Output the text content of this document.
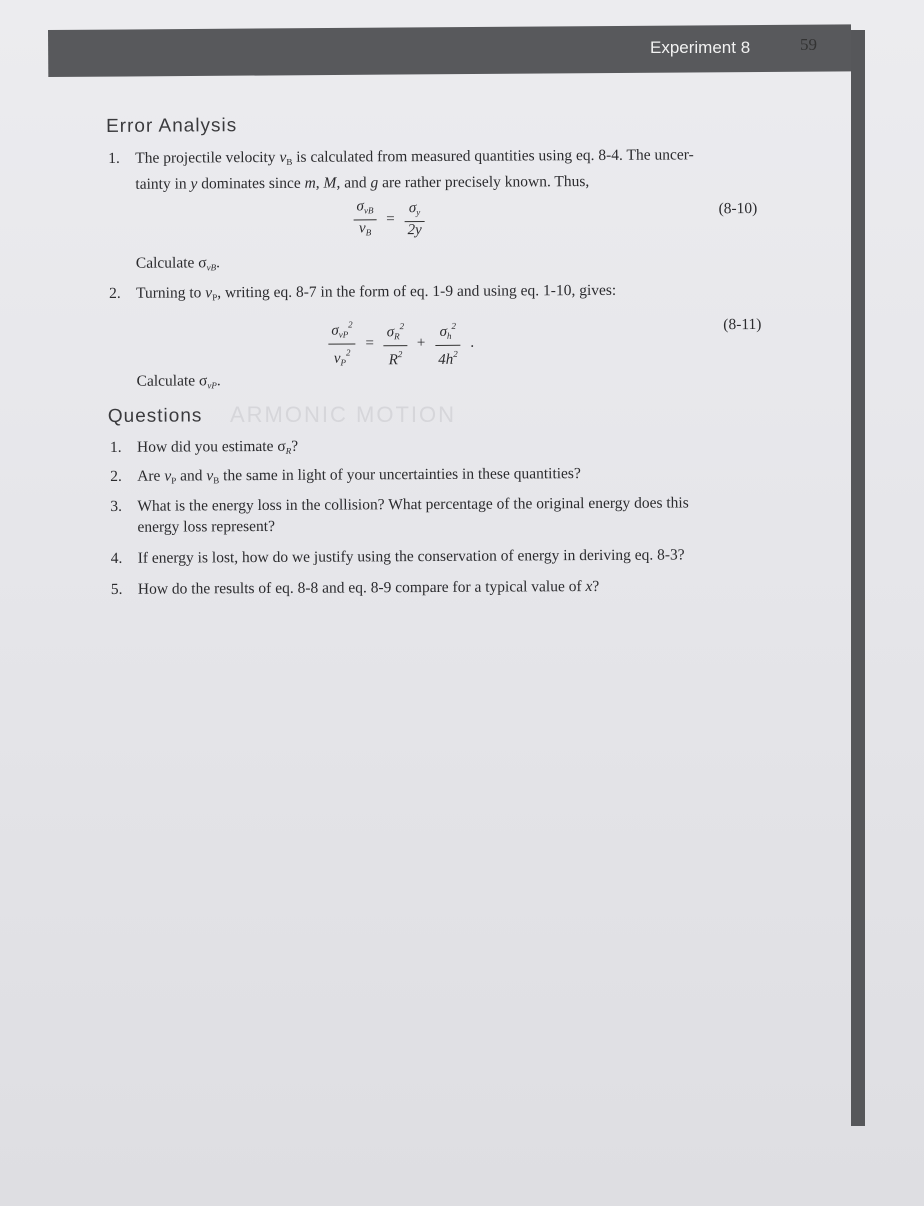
Experiment 8	59
ARMONIC MOTION
Error Analysis
1. The projectile velocity $v_B$ is calculated from measured quantities using eq. 8-4. The uncer-
tainty in y dominates since m, M, and g are rather precisely known. Thus,
$\frac{\sigma_{vB}}{v_B} = \frac{\sigma_y}{2y}$	(8-10)
Calculate $\sigma_{vB}$.
2. Turning to $v_P$, writing eq. 8-7 in the form of eq. 1-9 and using eq. 1-10, gives:
$\frac{\sigma_{vP}^2}{v_P^2} = \frac{\sigma_R^2}{R^2} + \frac{\sigma_h^2}{4h^2}$ .
(8-11)
Calculate $\sigma_{vP}$.
Questions
1. How did you estimate $\sigma_R$?
2. Are $v_P$ and $v_B$ the same in light of your uncertainties in these quantities?
3. What is the energy loss in the collision? What percentage of the original energy does this
energy loss represent?
4. If energy is lost, how do we justify using the conservation of energy in deriving eq. 8-3?
5. How do the results of eq. 8-8 and eq. 8-9 compare for a typical value of x?
